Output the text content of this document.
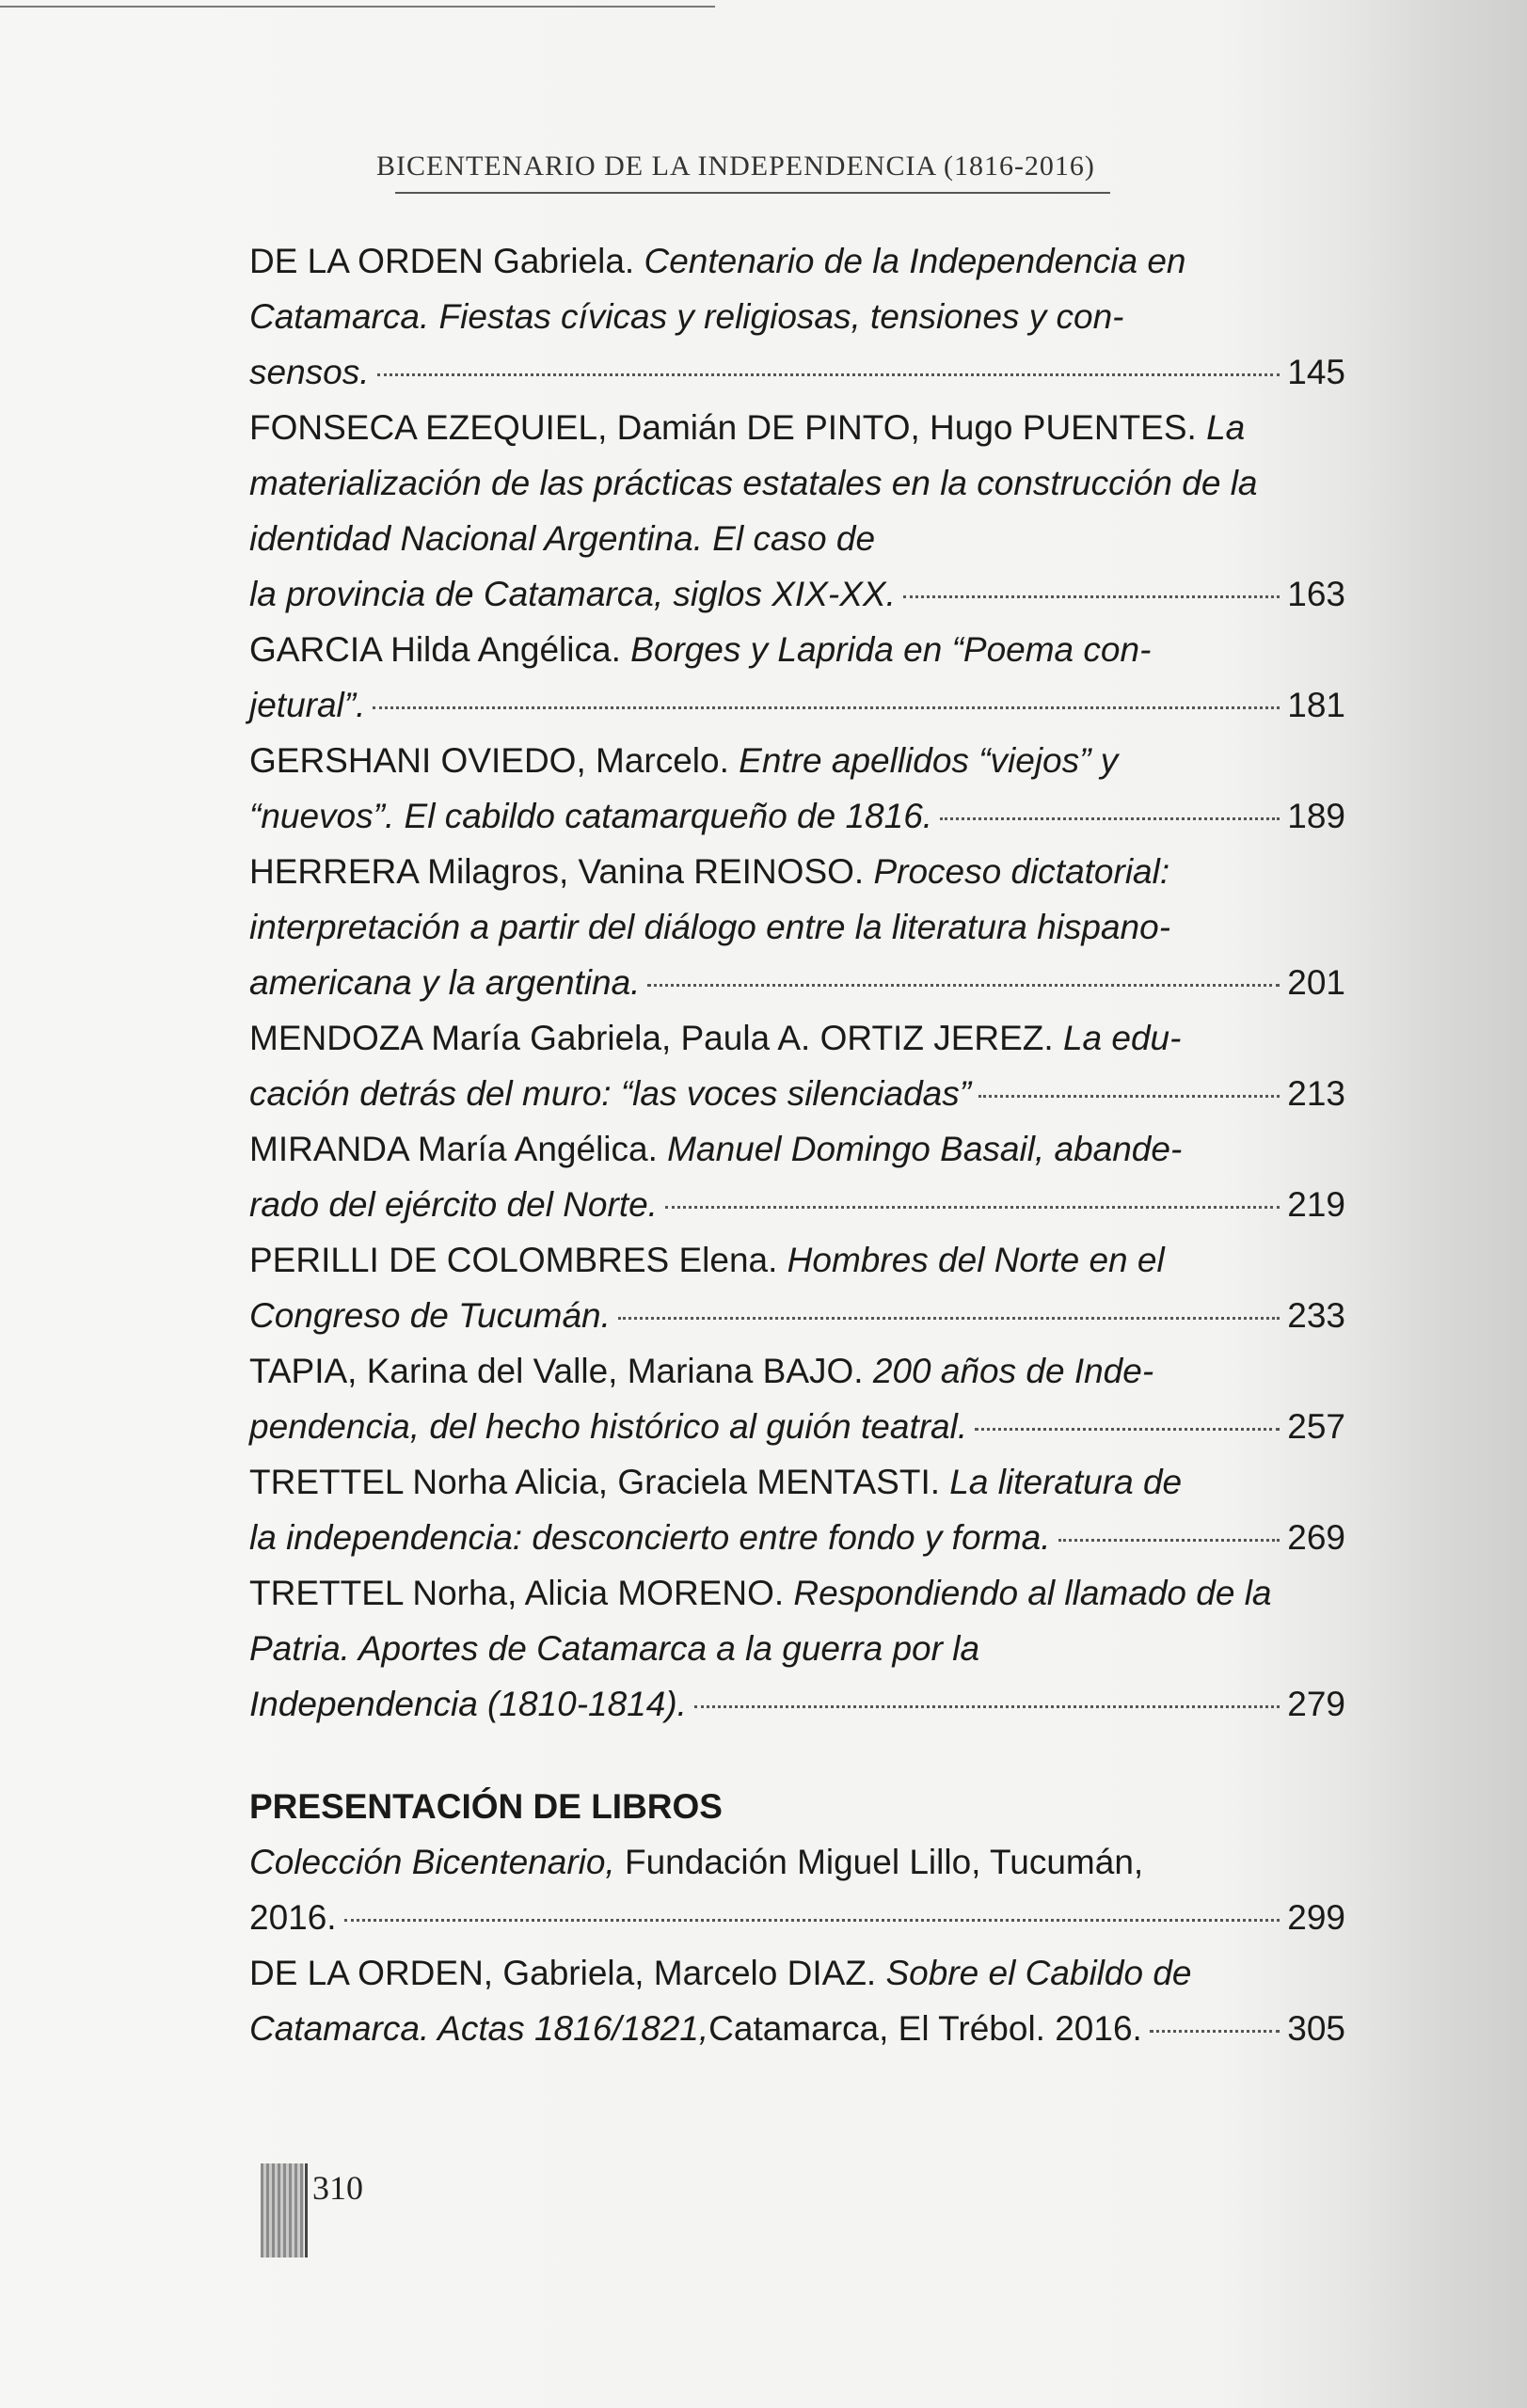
BICENTENARIO DE LA INDEPENDENCIA (1816-2016)
DE LA ORDEN Gabriela. Centenario de la Independencia en Catamarca. Fiestas cívicas y religiosas, tensiones y con-
sensos.	145
FONSECA EZEQUIEL, Damián DE PINTO, Hugo PUENTES. La materialización de las prácticas estatales en la construcción de la identidad Nacional Argentina. El caso de
la provincia de Catamarca, siglos XIX-XX.	163
GARCIA Hilda Angélica. Borges y Laprida en “Poema con-
jetural”.	181
GERSHANI OVIEDO, Marcelo. Entre apellidos “viejos” y
“nuevos”. El cabildo catamarqueño de 1816.	189
HERRERA Milagros, Vanina REINOSO. Proceso dictatorial: interpretación a partir del diálogo entre la literatura hispano-
americana y la argentina.	201
MENDOZA María Gabriela, Paula A. ORTIZ JEREZ. La edu-
cación detrás del muro: “las voces silenciadas”	213
MIRANDA María Angélica. Manuel Domingo Basail, abande-
rado del ejército del Norte.	219
PERILLI DE COLOMBRES Elena. Hombres del Norte en el
Congreso de Tucumán.	233
TAPIA, Karina del Valle, Mariana BAJO. 200 años de Inde-
pendencia, del hecho histórico al guión teatral.	257
TRETTEL Norha Alicia, Graciela MENTASTI. La literatura de
la independencia: desconcierto entre fondo y forma.	269
TRETTEL Norha, Alicia MORENO. Respondiendo al llamado de la Patria. Aportes de Catamarca a la guerra por la
Independencia (1810-1814).	279
PRESENTACIÓN DE LIBROS
Colección Bicentenario, Fundación Miguel Lillo, Tucumán,
2016.	299
DE LA ORDEN, Gabriela, Marcelo DIAZ. Sobre el Cabildo de
Catamarca. Actas 1816/1821, Catamarca, El Trébol. 2016.	305
310
